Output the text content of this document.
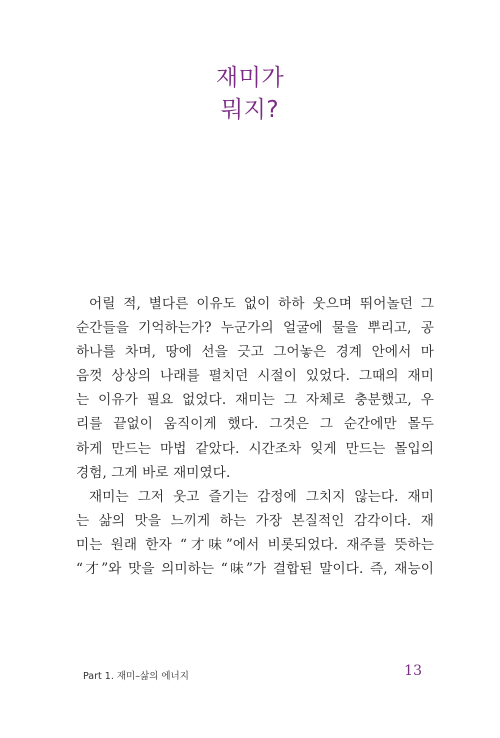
재미가
뭐지?
어릴 적, 별다른 이유도 없이 하하 웃으며 뛰어놀던 그
순간들을 기억하는가? 누군가의 얼굴에 물을 뿌리고, 공
하나를 차며, 땅에 선을 긋고 그어놓은 경계 안에서 마
음껏 상상의 나래를 펼치던 시절이 있었다. 그때의 재미
는 이유가 필요 없었다. 재미는 그 자체로 충분했고, 우
리를 끝없이 움직이게 했다. 그것은 그 순간에만 몰두
하게 만드는 마법 같았다. 시간조차 잊게 만드는 몰입의
경험, 그게 바로 재미였다.
재미는 그저 웃고 즐기는 감정에 그치지 않는다. 재미
는 삶의 맛을 느끼게 하는 가장 본질적인 감각이다. 재
미는 원래 한자 “才味”에서 비롯되었다. 재주를 뜻하는
“才”와 맛을 의미하는 “味”가 결합된 말이다. 즉, 재능이
Part 1. 재미–삶의 에너지	13
